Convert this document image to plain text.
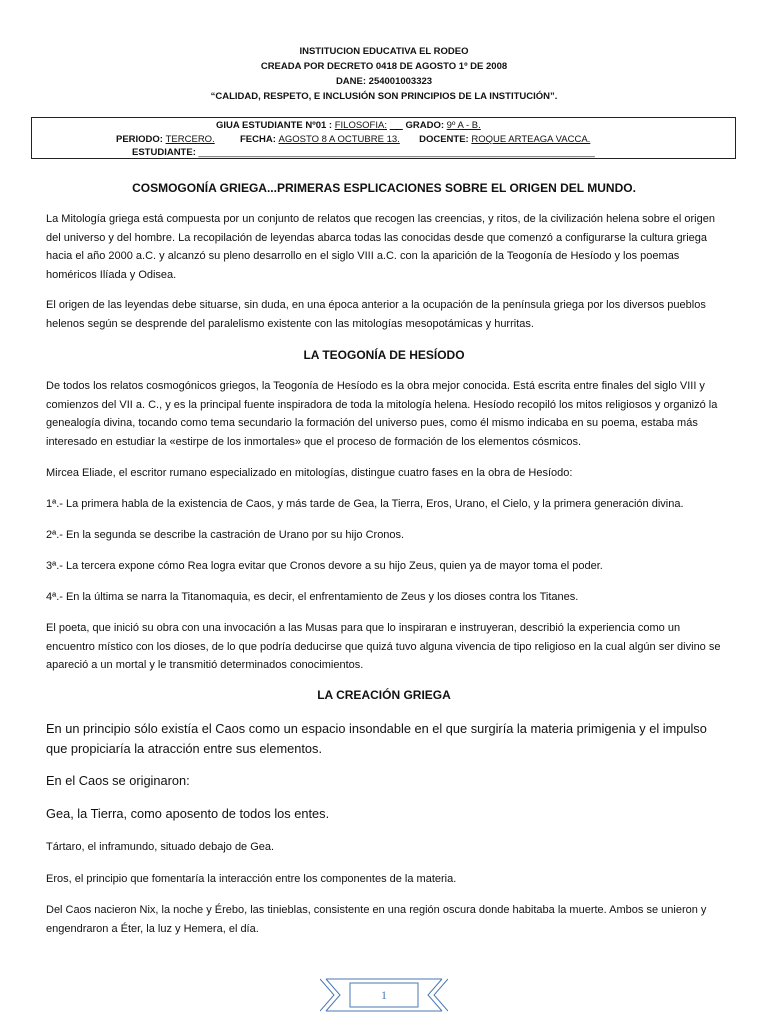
INSTITUCION EDUCATIVA EL RODEO
CREADA POR DECRETO 0418 DE AGOSTO 1º DE 2008
DANE: 254001003323
“CALIDAD, RESPETO, E INCLUSIÓN SON PRINCIPIOS DE LA INSTITUCIÓN”.
GIUA ESTUDIANTE Nº01 : FILOSOFIA: GRADO: 9º A - B.
PERIODO: TERCERO.	FECHA: AGOSTO 8 A OCTUBRE 13. DOCENTE: ROQUE ARTEAGA VACCA.
ESTUDIANTE: ___________________________________________________________________________
COSMOGONÍA GRIEGA...PRIMERAS ESPLICACIONES SOBRE EL ORIGEN DEL MUNDO.

La Mitología griega está compuesta por un conjunto de relatos que recogen las creencias, y ritos, de la civilización helena sobre el origen del universo y del hombre. La recopilación de leyendas abarca todas las conocidas desde que comenzó a configurarse la cultura griega hacia el año 2000 a.C. y alcanzó su pleno desarrollo en el siglo VIII a.C. con la aparición de la Teogonía de Hesíodo y los poemas homéricos Ilíada y Odisea.

El origen de las leyendas debe situarse, sin duda, en una época anterior a la ocupación de la península griega por los diversos pueblos helenos según se desprende del paralelismo existente con las mitologías mesopotámicas y hurritas.

LA TEOGONÍA DE HESÍODO

De todos los relatos cosmogónicos griegos, la Teogonía de Hesíodo es la obra mejor conocida. Está escrita entre finales del siglo VIII y comienzos del VII a. C., y es la principal fuente inspiradora de toda la mitología helena. Hesíodo recopiló los mitos religiosos y organizó la genealogía divina, tocando como tema secundario la formación del universo pues, como él mismo indicaba en su poema, estaba más interesado en estudiar la «estirpe de los inmortales» que el proceso de formación de los elementos cósmicos.

Mircea Eliade, el escritor rumano especializado en mitologías, distingue cuatro fases en la obra de Hesíodo:

1ª.- La primera habla de la existencia de Caos, y más tarde de Gea, la Tierra, Eros, Urano, el Cielo, y la primera generación divina.

2ª.- En la segunda se describe la castración de Urano por su hijo Cronos.

3ª.- La tercera expone cómo Rea logra evitar que Cronos devore a su hijo Zeus, quien ya de mayor toma el poder.

4ª.- En la última se narra la Titanomaquia, es decir, el enfrentamiento de Zeus y los dioses contra los Titanes.

El poeta, que inició su obra con una invocación a las Musas para que lo inspiraran e instruyeran, describió la experiencia como un encuentro místico con los dioses, de lo que podría deducirse que quizá tuvo alguna vivencia de tipo religioso en la cual algún ser divino se apareció a un mortal y le transmitió determinados conocimientos.

LA CREACIÓN GRIEGA

En un principio sólo existía el Caos como un espacio insondable en el que surgiría la materia primigenia y el impulso que propiciaría la atracción entre sus elementos.

En el Caos se originaron:

Gea, la Tierra, como aposento de todos los entes.

Tártaro, el inframundo, situado debajo de Gea.

Eros, el principio que fomentaría la interacción entre los componentes de la materia.

Del Caos nacieron Nix, la noche y Érebo, las tinieblas, consistente en una región oscura donde habitaba la muerte. Ambos se unieron y engendraron a Éter, la luz y Hemera, el día.

1
